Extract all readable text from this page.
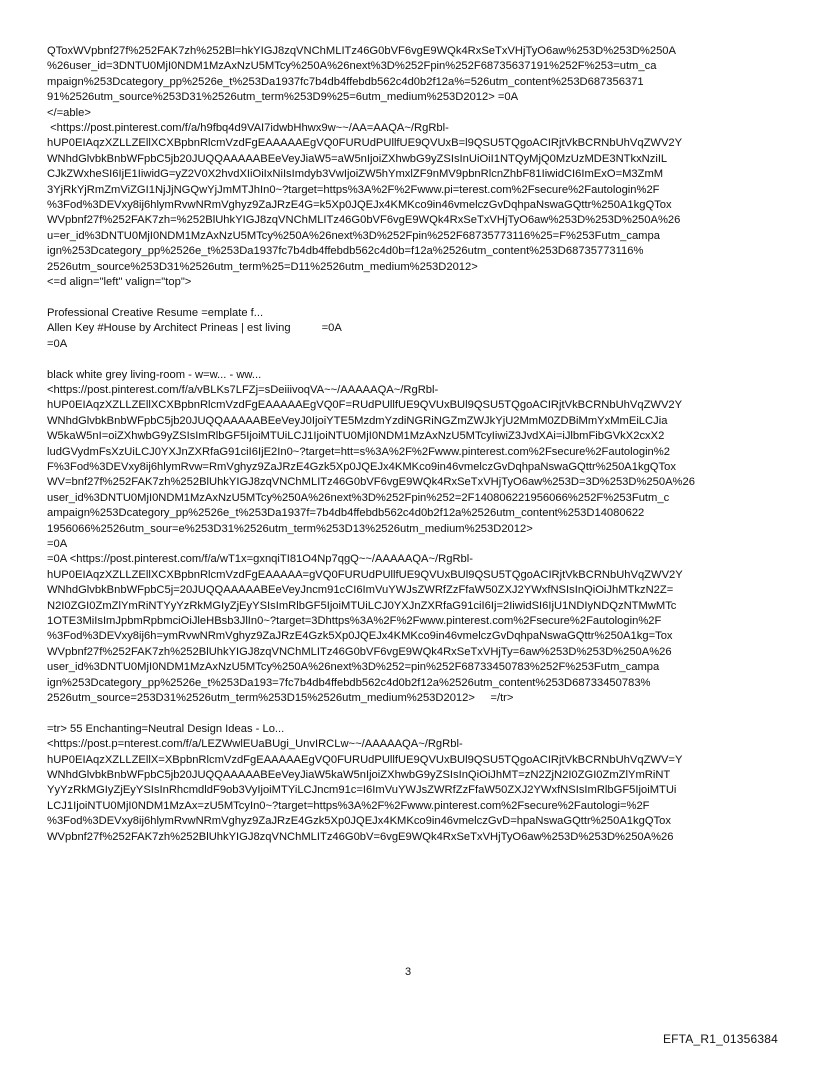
QToxWVpbnf27f%252FAK7zh%252Bl=hkYIGJ8zqVNChMLITz46G0bVF6vgE9WQk4RxSeTxVHjTyO6aw%253D%253D%250A
%26user_id=3DNTU0MjI0NDM1MzAxNzU5MTcy%250A%26next%3D%252Fpin%252F68735637191%252F%253=utm_ca
mpaign%253Dcategory_pp%2526e_t%253Da1937fc7b4db4ffebdb562c4d0b2f12a%=526utm_content%253D687356371
91%2526utm_source%253D31%2526utm_term%253D9%25=6utm_medium%253D2012> =0A
</=able>
<https://post.pinterest.com/f/a/h9fbq4d9VAI7idwbHhwx9w~~/AA=AAQA~/RgRbl-
hUP0EIAqzXZLLZEllXCXBpbnRlcmVzdFgEAAAAAEgVQ0FURUdPUllfUE9QVUxB=l9QSU5TQgoACIRjtVkBCRNbUhVqZWV2Y
WNhdGlvbkBnbWFpbC5jb20JUQQAAAAABEeVeyJiaW5=aW5nIjoiZXhwbG9yZSIsInUiOiI1NTQyMjQ0MzUzMDE3NTkxNziIL
CJkZWxheSI6IjE1IiwidG=yZ2V0X2hvdXIiOiIxNiIsImdyb3VwIjoiZW5hYmxlZF9nMV9pbnRlcnZhbF81IiwidCI6ImExO=M3ZmM
3YjRkYjRmZmViZGI1NjJjNGQwYjJmMTJhIn0~?target=https%3A%2F%2Fwww.pi=terest.com%2Fsecure%2Fautologin%2F
%3Fod%3DEVxy8ij6hlymRvwNRmVghyz9ZaJRzE4G=k5Xp0JQEJx4KMKco9in46vmelczGvDqhpaNswaGQttr%250A1kgQTox
WVpbnf27f%252FAK7zh=%252BlUhkYIGJ8zqVNChMLITz46G0bVF6vgE9WQk4RxSeTxVHjTyO6aw%253D%253D%250A%26
u=er_id%3DNTU0MjI0NDM1MzAxNzU5MTcy%250A%26next%3D%252Fpin%252F68735773116%25=F%253Futm_campa
ign%253Dcategory_pp%2526e_t%253Da1937fc7b4db4ffebdb562c4d0b=f12a%2526utm_content%253D68735773116%
2526utm_source%253D31%2526utm_term%25=D11%2526utm_medium%253D2012>
<=d align="left" valign="top">
Professional Creative Resume =emplate f...
Allen Key #House by Architect Prineas | est living          =0A
=0A
black white grey living-room - w=w... - ww...
<https://post.pinterest.com/f/a/vBLKs7LFZj=sDeiiivoqVA~~/AAAAAQA~/RgRbl-
hUP0EIAqzXZLLZEllXCXBpbnRlcmVzdFgEAAAAAEgVQ0F=RUdPUllfUE9QVUxBUl9QSU5TQgoACIRjtVkBCRNbUhVqZWV2Y
WNhdGlvbkBnbWFpbC5jb20JUQQAAAAABEeVeyJ0IjoiYTE5MzdmYzdiNGRiNGZmZWJkYjU2MmM0ZDBiMmYxMmEiLCJia
W5kaW5nI=oiZXhwbG9yZSIsImRlbGF5IjoiMTUiLCJ1IjoiNTU0MjI0NDM1MzAxNzU5MTcyIiwiZ3JvdXAi=iJlbmFibGVkX2cxX2
ludGVydmFsXzUiLCJ0YXJnZXRfaG91ciI6IjE2In0~?target=htt=s%3A%2F%2Fwww.pinterest.com%2Fsecure%2Fautologin%2
F%3Fod%3DEVxy8ij6hlymRvw=RmVghyz9ZaJRzE4Gzk5Xp0JQEJx4KMKco9in46vmelczGvDqhpaNswaGQttr%250A1kgQTox
WV=bnf27f%252FAK7zh%252BlUhkYIGJ8zqVNChMLITz46G0bVF6vgE9WQk4RxSeTxVHjTyO6aw%253D=3D%253D%250A%26
user_id%3DNTU0MjI0NDM1MzAxNzU5MTcy%250A%26next%3D%252Fpin%252=2F140806221956066%252F%253Futm_c
ampaign%253Dcategory_pp%2526e_t%253Da1937f=7b4db4ffebdb562c4d0b2f12a%2526utm_content%253D14080622
1956066%2526utm_sour=e%253D31%2526utm_term%253D13%2526utm_medium%253D2012>
=0A
=0A <https://post.pinterest.com/f/a/wT1x=gxnqiTI81O4Np7qgQ~~/AAAAAQA~/RgRbl-
hUP0EIAqzXZLLZEllXCXBpbnRlcmVzdFgEAAAAA=gVQ0FURUdPUllfUE9QVUxBUl9QSU5TQgoACIRjtVkBCRNbUhVqZWV2Y
WNhdGlvbkBnbWFpbC5j=20JUQQAAAAABEeVeyJncm91cCI6ImVuYWJsZWRfZzFfaW50ZXJ2YWxfNSIsInQiOiJhMTkzN2Z=
N2I0ZGI0ZmZlYmRiNTYyYzRkMGIyZjEyYSIsImRlbGF5IjoiMTUiLCJ0YXJnZXRfaG91ciI6Ij=2IiwidSI6IjU1NDIyNDQzNTMwMTc
1OTE3MiIsImJpbmRpbmciOiJleHBsb3JlIn0~?target=3Dhttps%3A%2F%2Fwww.pinterest.com%2Fsecure%2Fautologin%2F
%3Fod%3DEVxy8ij6h=ymRvwNRmVghyz9ZaJRzE4Gzk5Xp0JQEJx4KMKco9in46vmelczGvDqhpaNswaGQttr%250A1kg=Tox
WVpbnf27f%252FAK7zh%252BlUhkYIGJ8zqVNChMLITz46G0bVF6vgE9WQk4RxSeTxVHjTy=6aw%253D%253D%250A%26
user_id%3DNTU0MjI0NDM1MzAxNzU5MTcy%250A%26next%3D%252=pin%252F68733450783%252F%253Futm_campa
ign%253Dcategory_pp%2526e_t%253Da193=7fc7b4db4ffebdb562c4d0b2f12a%2526utm_content%253D68733450783%
2526utm_source=253D31%2526utm_term%253D15%2526utm_medium%253D2012>     =/tr>
=tr> 55 Enchanting=Neutral Design Ideas - Lo...
<https://post.p=nterest.com/f/a/LEZWwlEUaBUgi_UnvIRCLw~~/AAAAAQA~/RgRbl-
hUP0EIAqzXZLLZEllX=XBpbnRlcmVzdFgEAAAAAEgVQ0FURUdPUllfUE9QVUxBUl9QSU5TQgoACIRjtVkBCRNbUhVqZWV=Y
WNhdGlvbkBnbWFpbC5jb20JUQQAAAAABEeVeyJiaW5kaW5nIjoiZXhwbG9yZSIsInQiOiJhMT=zN2ZjN2I0ZGI0ZmZlYmRiNT
YyYzRkMGIyZjEyYSIsInRhcmdldF9ob3VyIjoiMTYiLCJncm91c=I6ImVuYWJsZWRfZzFfaW50ZXJ2YWxfNSIsImRlbGF5IjoiMTUi
LCJ1IjoiNTU0MjI0NDM1MzAx=zU5MTcyIn0~?target=https%3A%2F%2Fwww.pinterest.com%2Fsecure%2Fautologi=%2F
%3Fod%3DEVxy8ij6hlymRvwNRmVghyz9ZaJRzE4Gzk5Xp0JQEJx4KMKco9in46vmelczGvD=hpaNswaGQttr%250A1kgQTox
WVpbnf27f%252FAK7zh%252BlUhkYIGJ8zqVNChMLITz46G0bV=6vgE9WQk4RxSeTxVHjTyO6aw%253D%253D%250A%26
3
EFTA_R1_01356384
